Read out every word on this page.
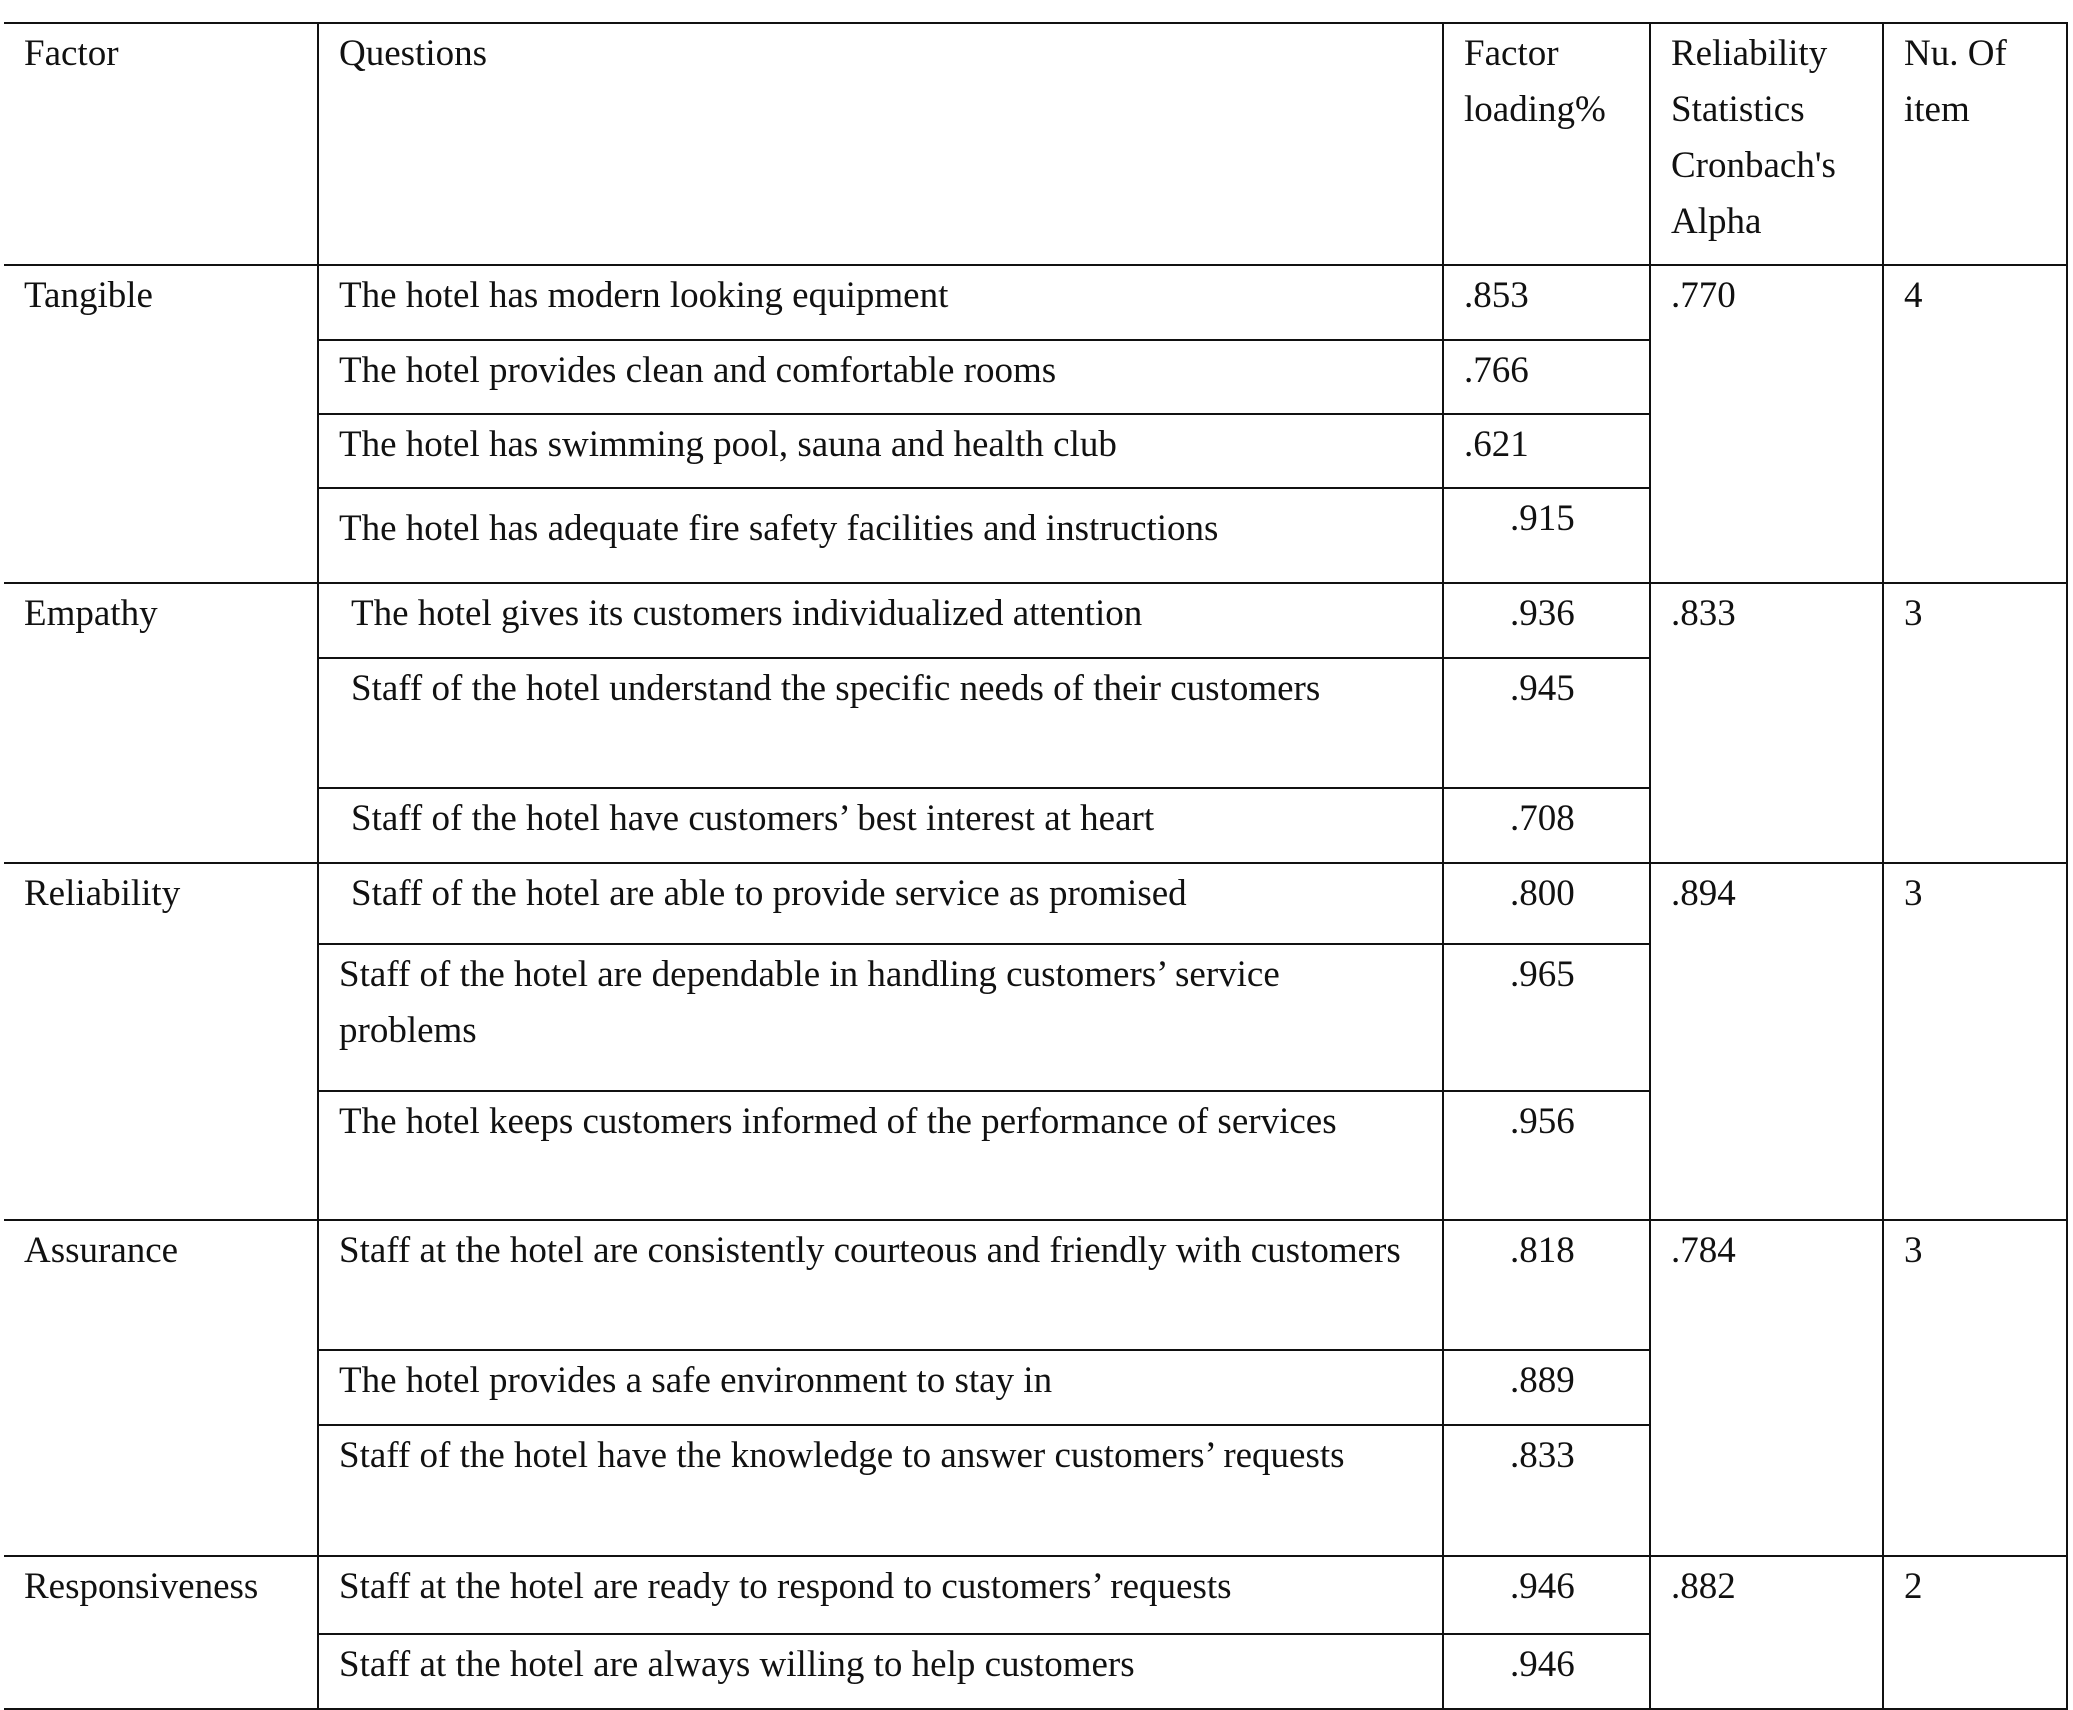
Factor	Questions	Factor loading%	Reliability Statistics Cronbach's Alpha	Nu. Of item
Tangible	The hotel has modern looking equipment	.853	.770	4
	The hotel provides clean and comfortable rooms	.766		
	The hotel has swimming pool, sauna and health club	.621		
	The hotel has adequate fire safety facilities and instructions	.915		
Empathy	The hotel gives its customers individualized attention	.936	.833	3
	Staff of the hotel understand the specific needs of their customers	.945		
	Staff of the hotel have customers’ best interest at heart	.708		
Reliability	Staff of the hotel are able to provide service as promised	.800	.894	3
	Staff of the hotel are dependable in handling customers’ service problems	.965		
	The hotel keeps customers informed of the performance of services	.956		
Assurance	Staff at the hotel are consistently courteous and friendly with customers	.818	.784	3
	The hotel provides a safe environment to stay in	.889		
	Staff of the hotel have the knowledge to answer customers’ requests	.833		
Responsiveness	Staff at the hotel are ready to respond to customers’ requests	.946	.882	2
	Staff at the hotel are always willing to help customers	.946		
